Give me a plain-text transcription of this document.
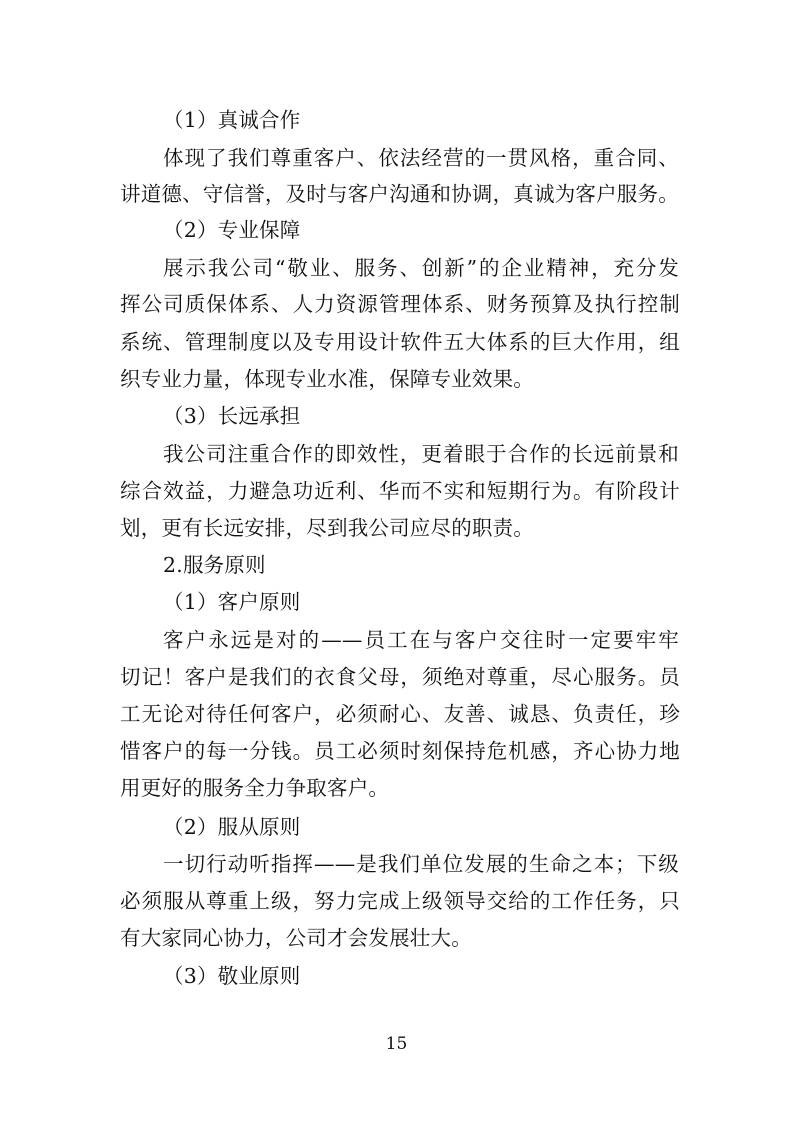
（1）真诚合作
体现了我们尊重客户、依法经营的一贯风格，重合同、
讲道德、守信誉，及时与客户沟通和协调，真诚为客户服务。
（2）专业保障
展示我公司“敬业、服务、创新”的企业精神，充分发
挥公司质保体系、人力资源管理体系、财务预算及执行控制
系统、管理制度以及专用设计软件五大体系的巨大作用，组
织专业力量，体现专业水准，保障专业效果。
（3）长远承担
我公司注重合作的即效性，更着眼于合作的长远前景和
综合效益，力避急功近利、华而不实和短期行为。有阶段计
划，更有长远安排，尽到我公司应尽的职责。
2.服务原则
（1）客户原则
客户永远是对的——员工在与客户交往时一定要牢牢
切记！客户是我们的衣食父母，须绝对尊重，尽心服务。员
工无论对待任何客户，必须耐心、友善、诚恳、负责任，珍
惜客户的每一分钱。员工必须时刻保持危机感，齐心协力地
用更好的服务全力争取客户。
（2）服从原则
一切行动听指挥——是我们单位发展的生命之本；下级
必须服从尊重上级，努力完成上级领导交给的工作任务，只
有大家同心协力，公司才会发展壮大。
（3）敬业原则
15
